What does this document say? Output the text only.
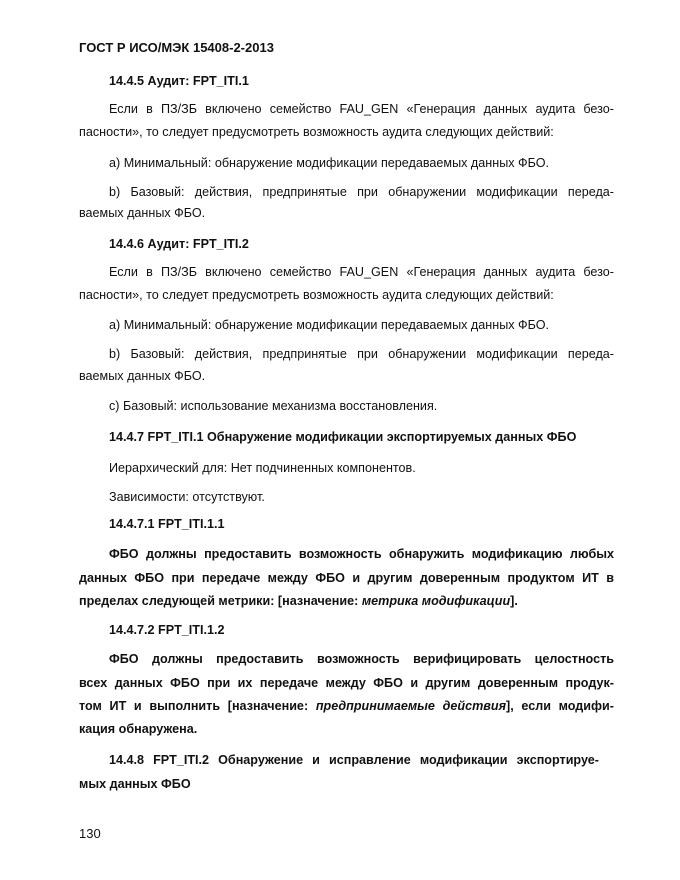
ГОСТ Р ИСО/МЭК 15408-2-2013
14.4.5 Аудит: FPT_ITI.1
Если в ПЗ/ЗБ включено семейство FAU_GEN «Генерация данных аудита безо-
пасности», то следует предусмотреть возможность аудита следующих действий:
a) Минимальный: обнаружение модификации передаваемых данных ФБО.
b) Базовый: действия, предпринятые при обнаружении модификации переда-
ваемых данных ФБО.
14.4.6 Аудит: FPT_ITI.2
Если в ПЗ/ЗБ включено семейство FAU_GEN «Генерация данных аудита безо-
пасности», то следует предусмотреть возможность аудита следующих действий:
a) Минимальный: обнаружение модификации передаваемых данных ФБО.
b) Базовый: действия, предпринятые при обнаружении модификации переда-
ваемых данных ФБО.
c) Базовый: использование механизма восстановления.
14.4.7 FPT_ITI.1 Обнаружение модификации экспортируемых данных ФБО
Иерархический для: Нет подчиненных компонентов.
Зависимости: отсутствуют.
14.4.7.1 FPT_ITI.1.1
ФБО должны предоставить возможность обнаружить модификацию любых
данных ФБО при передаче между ФБО и другим доверенным продуктом ИТ в
пределах следующей метрики: [назначение: метрика модификации].
14.4.7.2 FPT_ITI.1.2
ФБО должны предоставить возможность верифицировать целостность
всех данных ФБО при их передаче между ФБО и другим доверенным продук-
том ИТ и выполнить [назначение: предпринимаемые действия], если модифи-
кация обнаружена.
14.4.8 FPT_ITI.2 Обнаружение и исправление модификации экспортируе-
мых данных ФБО
130
